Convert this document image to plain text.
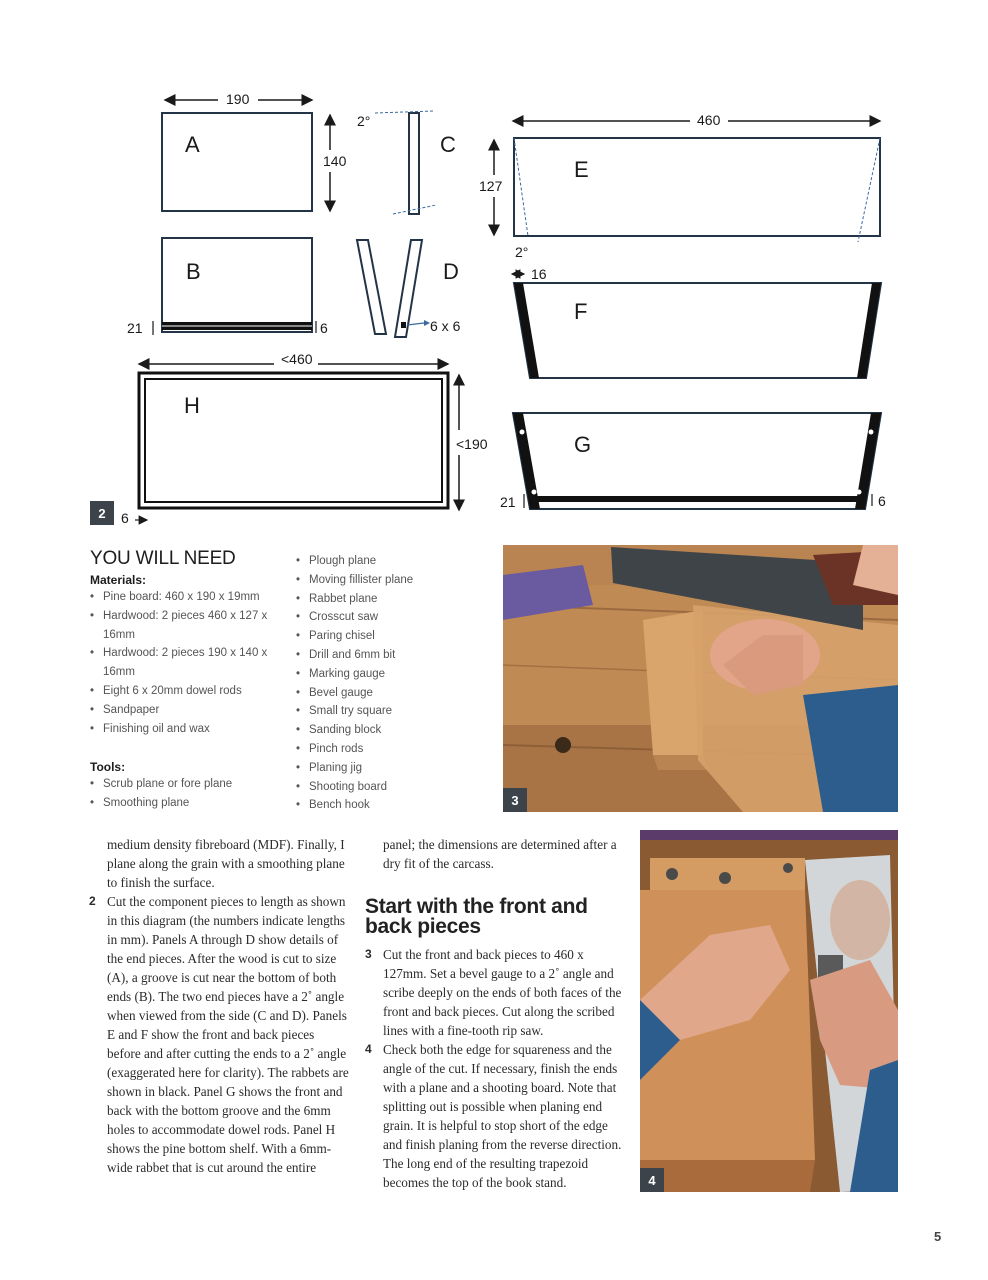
A
190
140
2°
C
B
21	6	6 x 6
D
E
460
127
2°
16
F
G
21	6
H
<460
<190
6
2
YOU WILL NEED
Materials:
• Pine board: 460 x 190 x 19mm
• Hardwood: 2 pieces 460 x 127 x 16mm
• Hardwood: 2 pieces 190 x 140 x 16mm
• Eight 6 x 20mm dowel rods
• Sandpaper
• Finishing oil and wax
Tools:
• Scrub plane or fore plane
• Smoothing plane
• Plough plane
• Moving fillister plane
• Rabbet plane
• Crosscut saw
• Paring chisel
• Drill and 6mm bit
• Marking gauge
• Bevel gauge
• Small try square
• Sanding block
• Pinch rods
• Planing jig
• Shooting board
• Bench hook	3
4

medium density fibreboard (MDF). Finally, I plane along the grain with a smoothing plane to finish the surface.

2 Cut the component pieces to length as shown in this diagram (the numbers indicate lengths in mm). Panels A through D show details of the end pieces. After the wood is cut to size (A), a groove is cut near the bottom of both ends (B). The two end pieces have a 2˚ angle when viewed from the side (C and D). Panels E and F show the front and back pieces before and after cutting the ends to a 2˚ angle (exaggerated here for clarity). The rabbets are shown in black. Panel G shows the front and back with the bottom groove and the 6mm holes to accommodate dowel rods. Panel H shows the pine bottom shelf. With a 6mm-wide rabbet that is cut around the entire

panel; the dimensions are determined after a dry fit of the carcass.

Start with the front and back pieces
3 Cut the front and back pieces to 460 x 127mm. Set a bevel gauge to a 2˚ angle and scribe deeply on the ends of both faces of the front and back pieces. Cut along the scribed lines with a fine-tooth rip saw.

4 Check both the edge for squareness and the angle of the cut. If necessary, finish the ends with a plane and a shooting board. Note that splitting out is possible when planing end grain. It is helpful to stop short of the edge and finish planing from the reverse direction. The long end of the resulting trapezoid becomes the top of the book stand.

5
